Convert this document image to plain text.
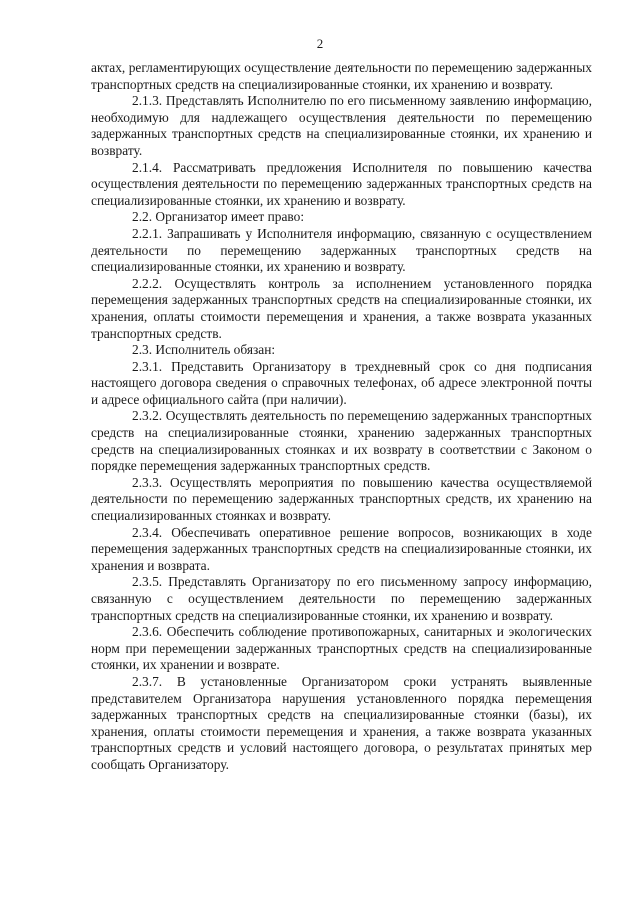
2

актах, регламентирующих осуществление деятельности по перемещению задержанных транспортных средств на специализированные стоянки, их хранению и возврату.

2.1.3. Представлять Исполнителю по его письменному заявлению информацию, необходимую для надлежащего осуществления деятельности по перемещению задержанных транспортных средств на специализированные стоянки, их хранению и возврату.

2.1.4. Рассматривать предложения Исполнителя по повышению качества осуществления деятельности по перемещению задержанных транспортных средств на специализированные стоянки, их хранению и возврату.

2.2. Организатор имеет право:

2.2.1. Запрашивать у Исполнителя информацию, связанную с осуществлением деятельности по перемещению задержанных транспортных средств на специализированные стоянки, их хранению и возврату.

2.2.2. Осуществлять контроль за исполнением установленного порядка перемещения задержанных транспортных средств на специализированные стоянки, их хранения, оплаты стоимости перемещения и хранения, а также возврата указанных транспортных средств.

2.3. Исполнитель обязан:

2.3.1. Представить Организатору в трехдневный срок со дня подписания настоящего договора сведения о справочных телефонах, об адресе электронной почты и адресе официального сайта (при наличии).

2.3.2. Осуществлять деятельность по перемещению задержанных транспортных средств на специализированные стоянки, хранению задержанных транспортных средств на специализированных стоянках и их возврату в соответствии с Законом о порядке перемещения задержанных транспортных средств.

2.3.3. Осуществлять мероприятия по повышению качества осуществляемой деятельности по перемещению задержанных транспортных средств, их хранению на специализированных стоянках и возврату.

2.3.4. Обеспечивать оперативное решение вопросов, возникающих в ходе перемещения задержанных транспортных средств на специализированные стоянки, их хранения и возврата.

2.3.5. Представлять Организатору по его письменному запросу информацию, связанную с осуществлением деятельности по перемещению задержанных транспортных средств на специализированные стоянки, их хранению и возврату.

2.3.6. Обеспечить соблюдение противопожарных, санитарных и экологических норм при перемещении задержанных транспортных средств на специализированные стоянки, их хранении и возврате.

2.3.7. В установленные Организатором сроки устранять выявленные представителем Организатора нарушения установленного порядка перемещения задержанных транспортных средств на специализированные стоянки (базы), их хранения, оплаты стоимости перемещения и хранения, а также возврата указанных транспортных средств и условий настоящего договора, о результатах принятых мер сообщать Организатору.
